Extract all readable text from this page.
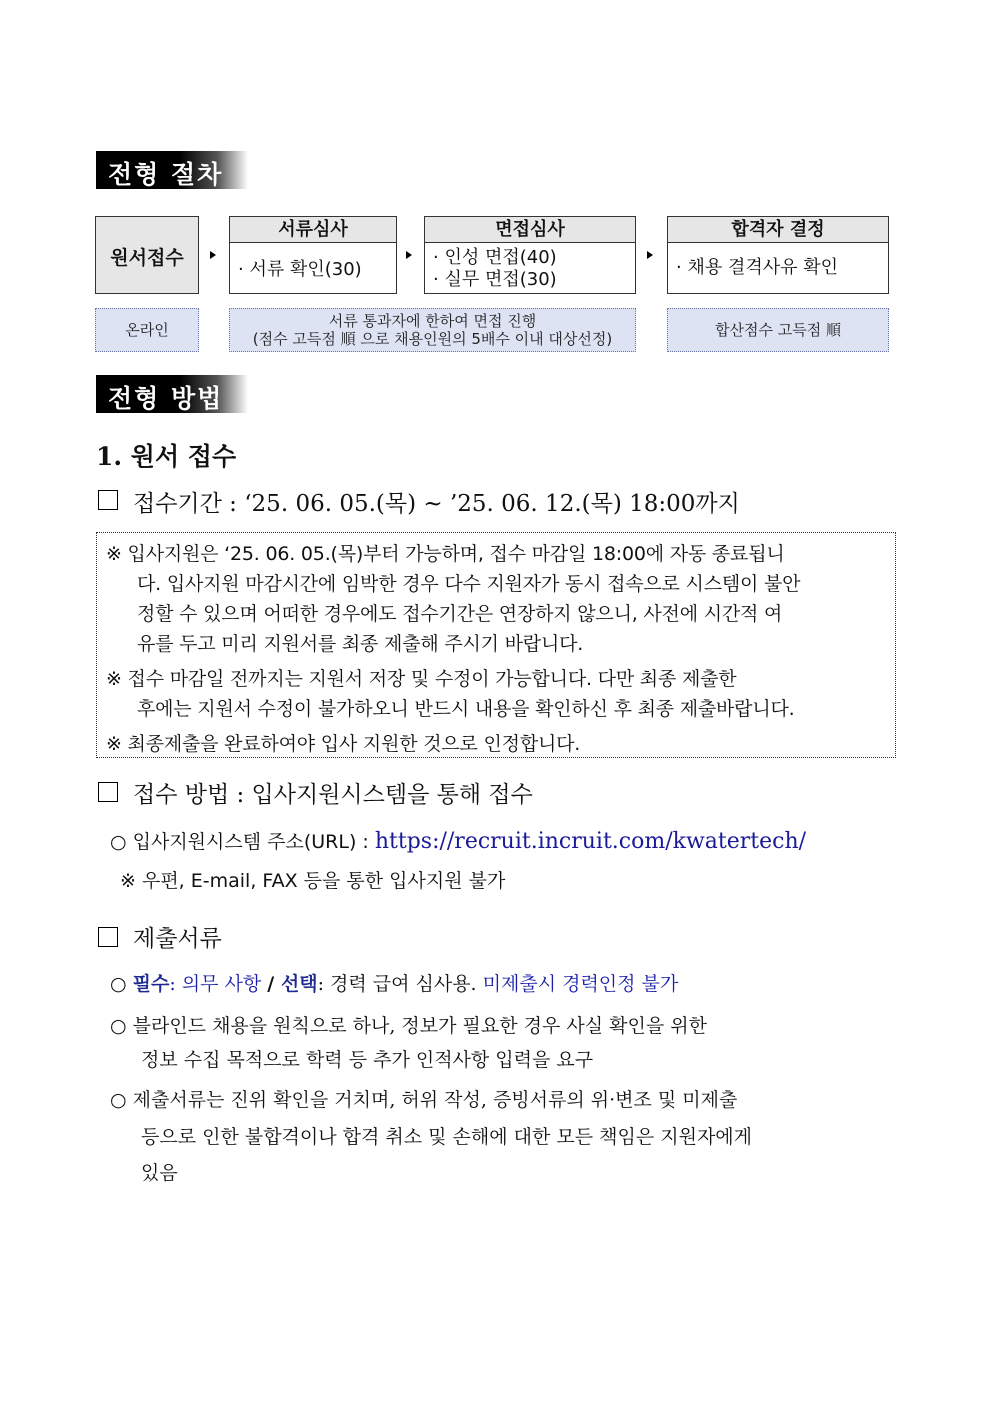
전형 절차
원서접수
서류심사
· 서류 확인(30)
면접심사
· 인성 면접(40)
· 실무 면접(30)
합격자 결정
· 채용 결격사유 확인
온라인	서류 통과자에 한하여 면접 진행
(점수 고득점 順 으로 채용인원의 5배수 이내 대상선정)	합산점수 고득점 順
전형 방법
1. 원서 접수
접수기간 : ‘25. 06. 05.(목) ~ ’25. 06. 12.(목) 18:00까지
※ 입사지원은 ‘25. 06. 05.(목)부터 가능하며, 접수 마감일 18:00에 자동 종료됩니
다. 입사지원 마감시간에 임박한 경우 다수 지원자가 동시 접속으로 시스템이 불안
정할 수 있으며 어떠한 경우에도 접수기간은 연장하지 않으니, 사전에 시간적 여
유를 두고 미리 지원서를 최종 제출해 주시기 바랍니다.
※ 접수 마감일 전까지는 지원서 저장 및 수정이 가능합니다. 다만 최종 제출한
후에는 지원서 수정이 불가하오니 반드시 내용을 확인하신 후 최종 제출바랍니다.
※ 최종제출을 완료하여야 입사 지원한 것으로 인정합니다.
접수 방법 : 입사지원시스템을 통해 접수
○ 입사지원시스템 주소(URL) : https://recruit.incruit.com/kwatertech/
※ 우편, E-mail, FAX 등을 통한 입사지원 불가
제출서류
○ 필수: 의무 사항 / 선택: 경력 급여 심사용. 미제출시 경력인정 불가
○ 블라인드 채용을 원칙으로 하나, 정보가 필요한 경우 사실 확인을 위한
정보 수집 목적으로 학력 등 추가 인적사항 입력을 요구
○ 제출서류는 진위 확인을 거치며, 허위 작성, 증빙서류의 위·변조 및 미제출
등으로 인한 불합격이나 합격 취소 및 손해에 대한 모든 책임은 지원자에게
있음
